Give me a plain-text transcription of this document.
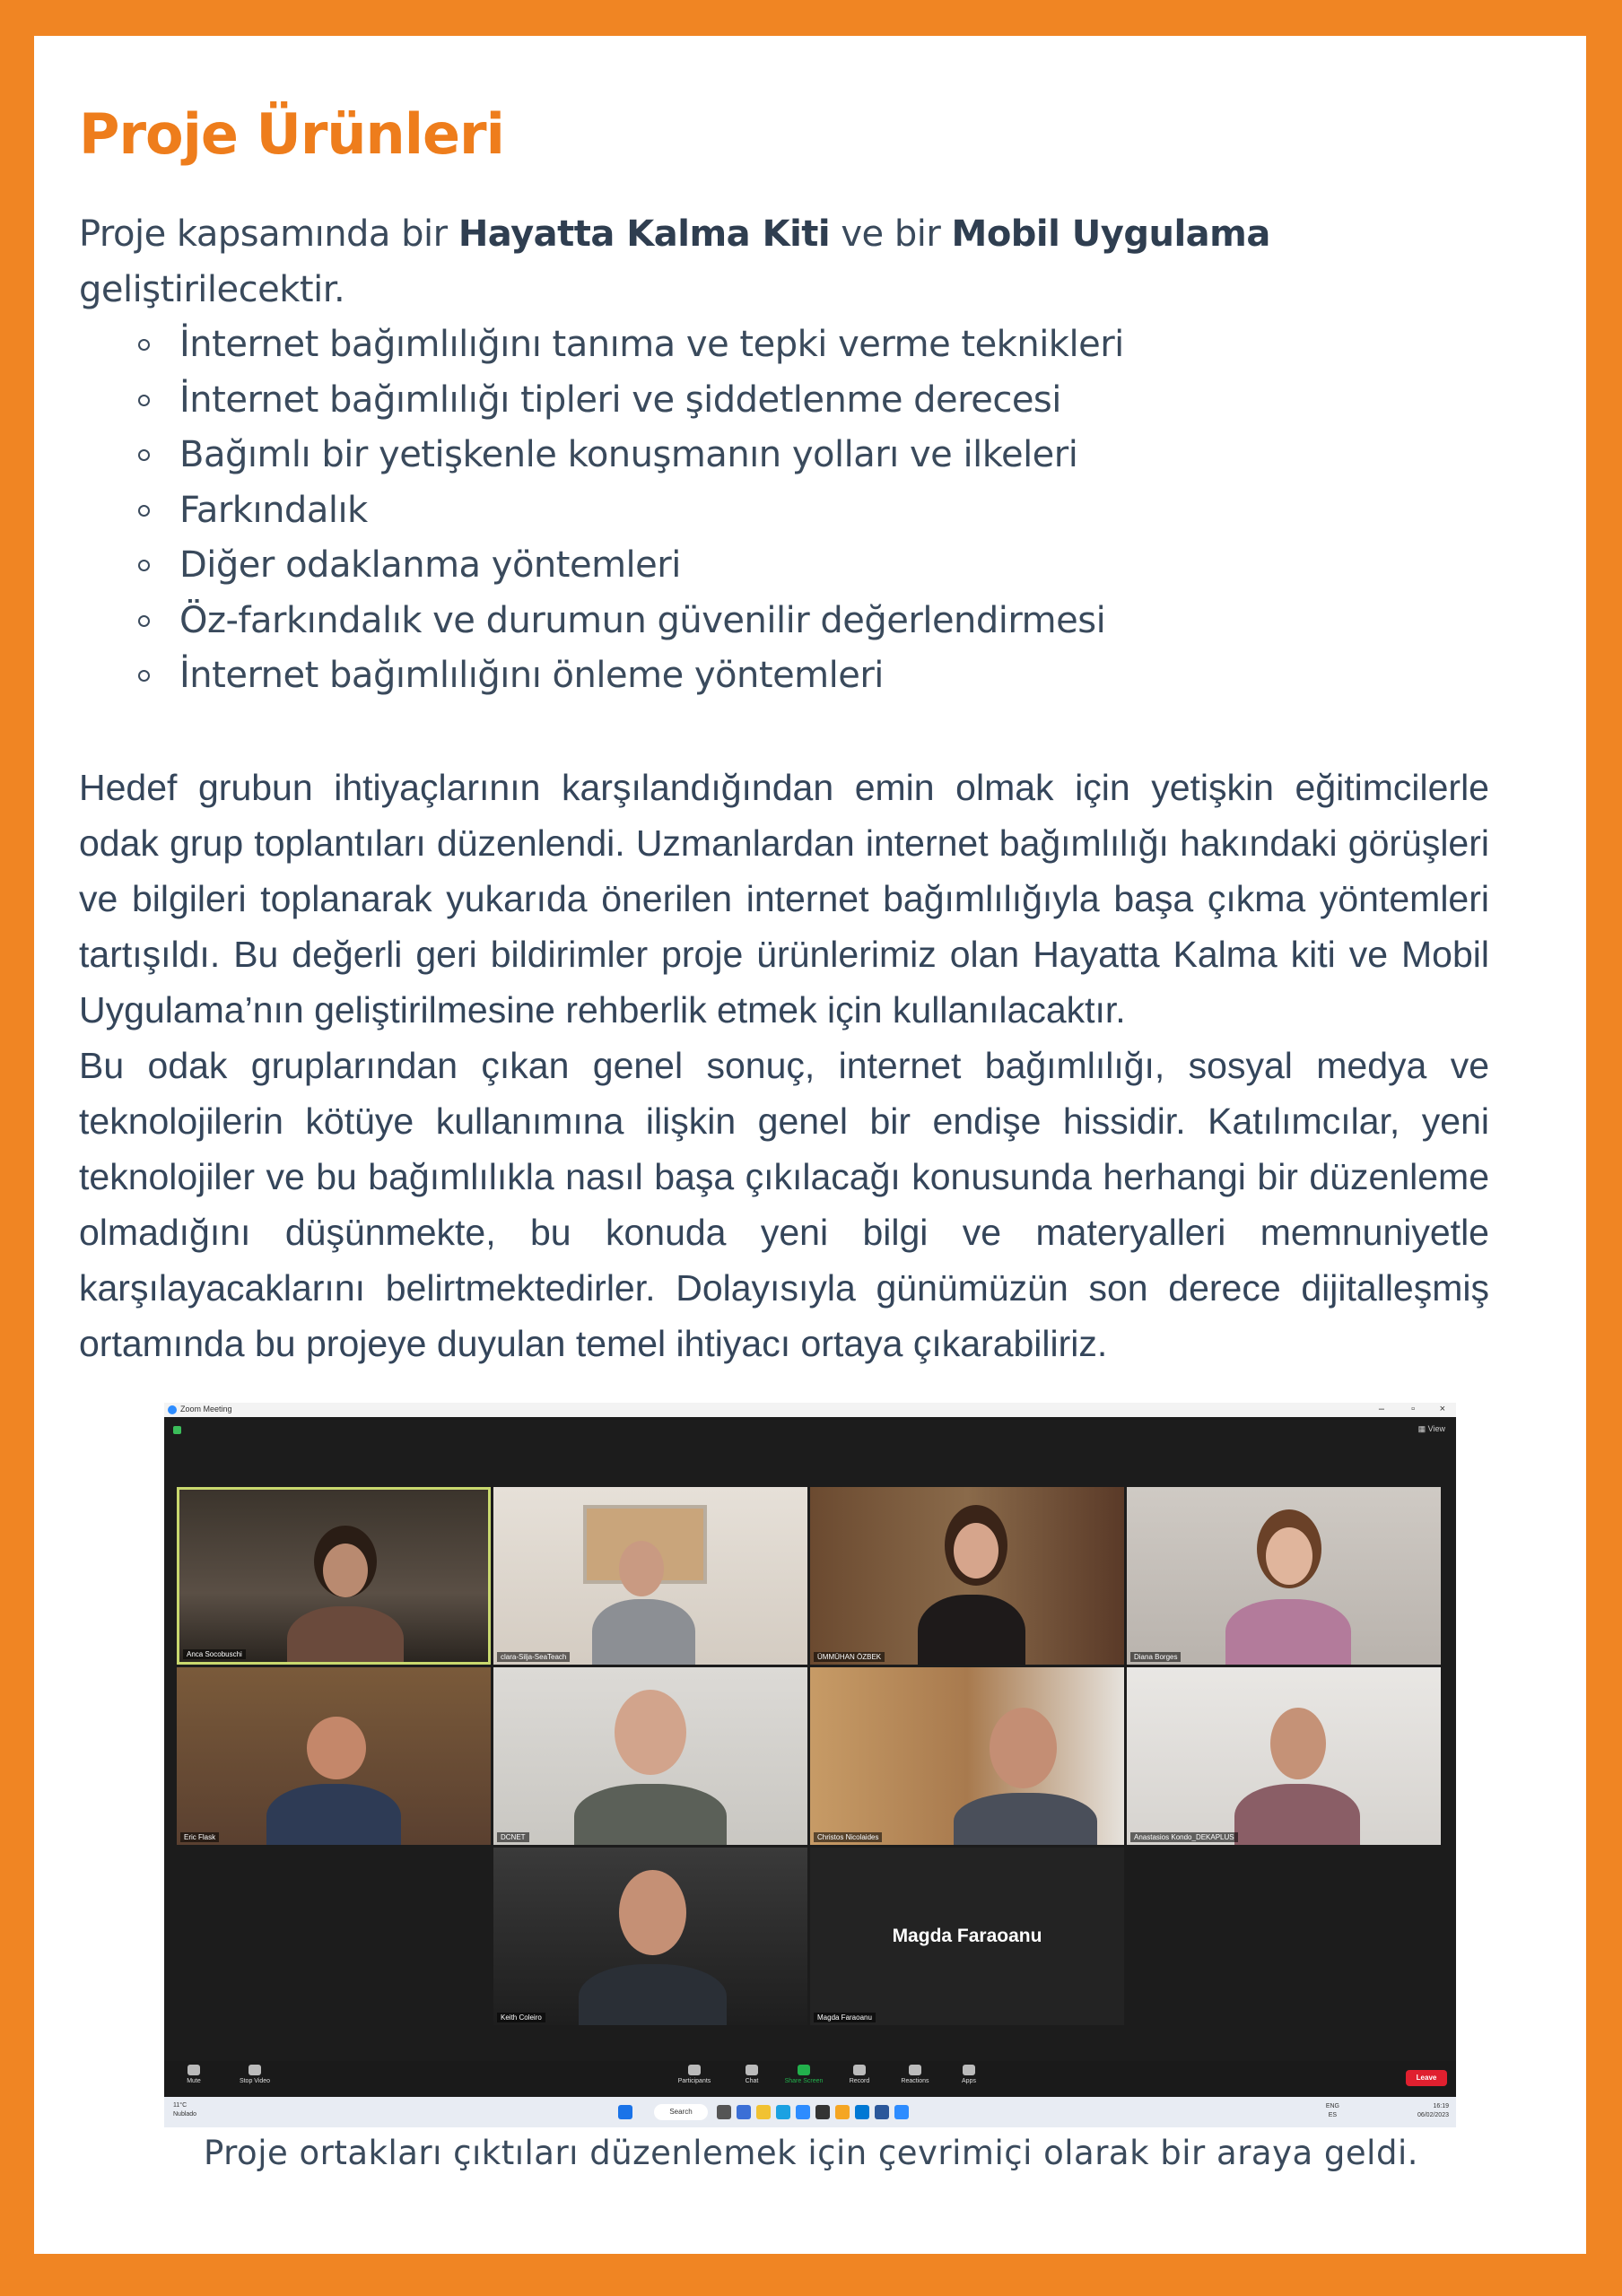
Proje Ürünleri

Proje kapsamında bir Hayatta Kalma Kiti ve bir Mobil Uygulama geliştirilecektir.

İnternet bağımlılığını tanıma ve tepki verme teknikleri
İnternet bağımlılığı tipleri ve şiddetlenme derecesi
Bağımlı bir yetişkenle konuşmanın yolları ve ilkeleri
Farkındalık
Diğer odaklanma yöntemleri
Öz-farkındalık ve durumun güvenilir değerlendirmesi
İnternet bağımlılığını önleme yöntemleri

Hedef grubun ihtiyaçlarının karşılandığından emin olmak için yetişkin eğitimcilerle odak grup toplantıları düzenlendi. Uzmanlardan internet bağımlılığı hakındaki görüşleri ve bilgileri toplanarak yukarıda önerilen internet bağımlılığıyla başa çıkma yöntemleri tartışıldı. Bu değerli geri bildirimler proje ürünlerimiz olan Hayatta Kalma kiti ve Mobil Uygulama’nın geliştirilmesine rehberlik etmek için kullanılacaktır.

Bu odak gruplarından çıkan genel sonuç, internet bağımlılığı, sosyal medya ve teknolojilerin kötüye kullanımına ilişkin genel bir endişe hissidir. Katılımcılar, yeni teknolojiler ve bu bağımlılıkla nasıl başa çıkılacağı konusunda herhangi bir düzenleme olmadığını düşünmekte, bu konuda yeni bilgi ve materyalleri memnuniyetle karşılayacaklarını belirtmektedirler. Dolayısıyla günümüzün son derece dijitalleşmiş ortamında bu projeye duyulan temel ihtiyacı ortaya çıkarabiliriz.

Zoom Meeting	–	▫	×
▦ View
Anca Socobuschi	clara-Silja-SeaTeach	ÜMMÜHAN ÖZBEK	Diana Borges
Eric Flask	DCNET	Christos Nicolaides	Anastasios Kondo_DEKAPLUS
Keith Coleiro
Magda Faraoanu
Magda Faraoanu
Mute	Stop Video	Participants	Chat	Share Screen	Record	Reactions	Apps	Leave
11°C
Nublado	Search
ENG
ES
16:19
06/02/2023
Proje ortakları çıktıları düzenlemek için çevrimiçi olarak bir araya geldi.
